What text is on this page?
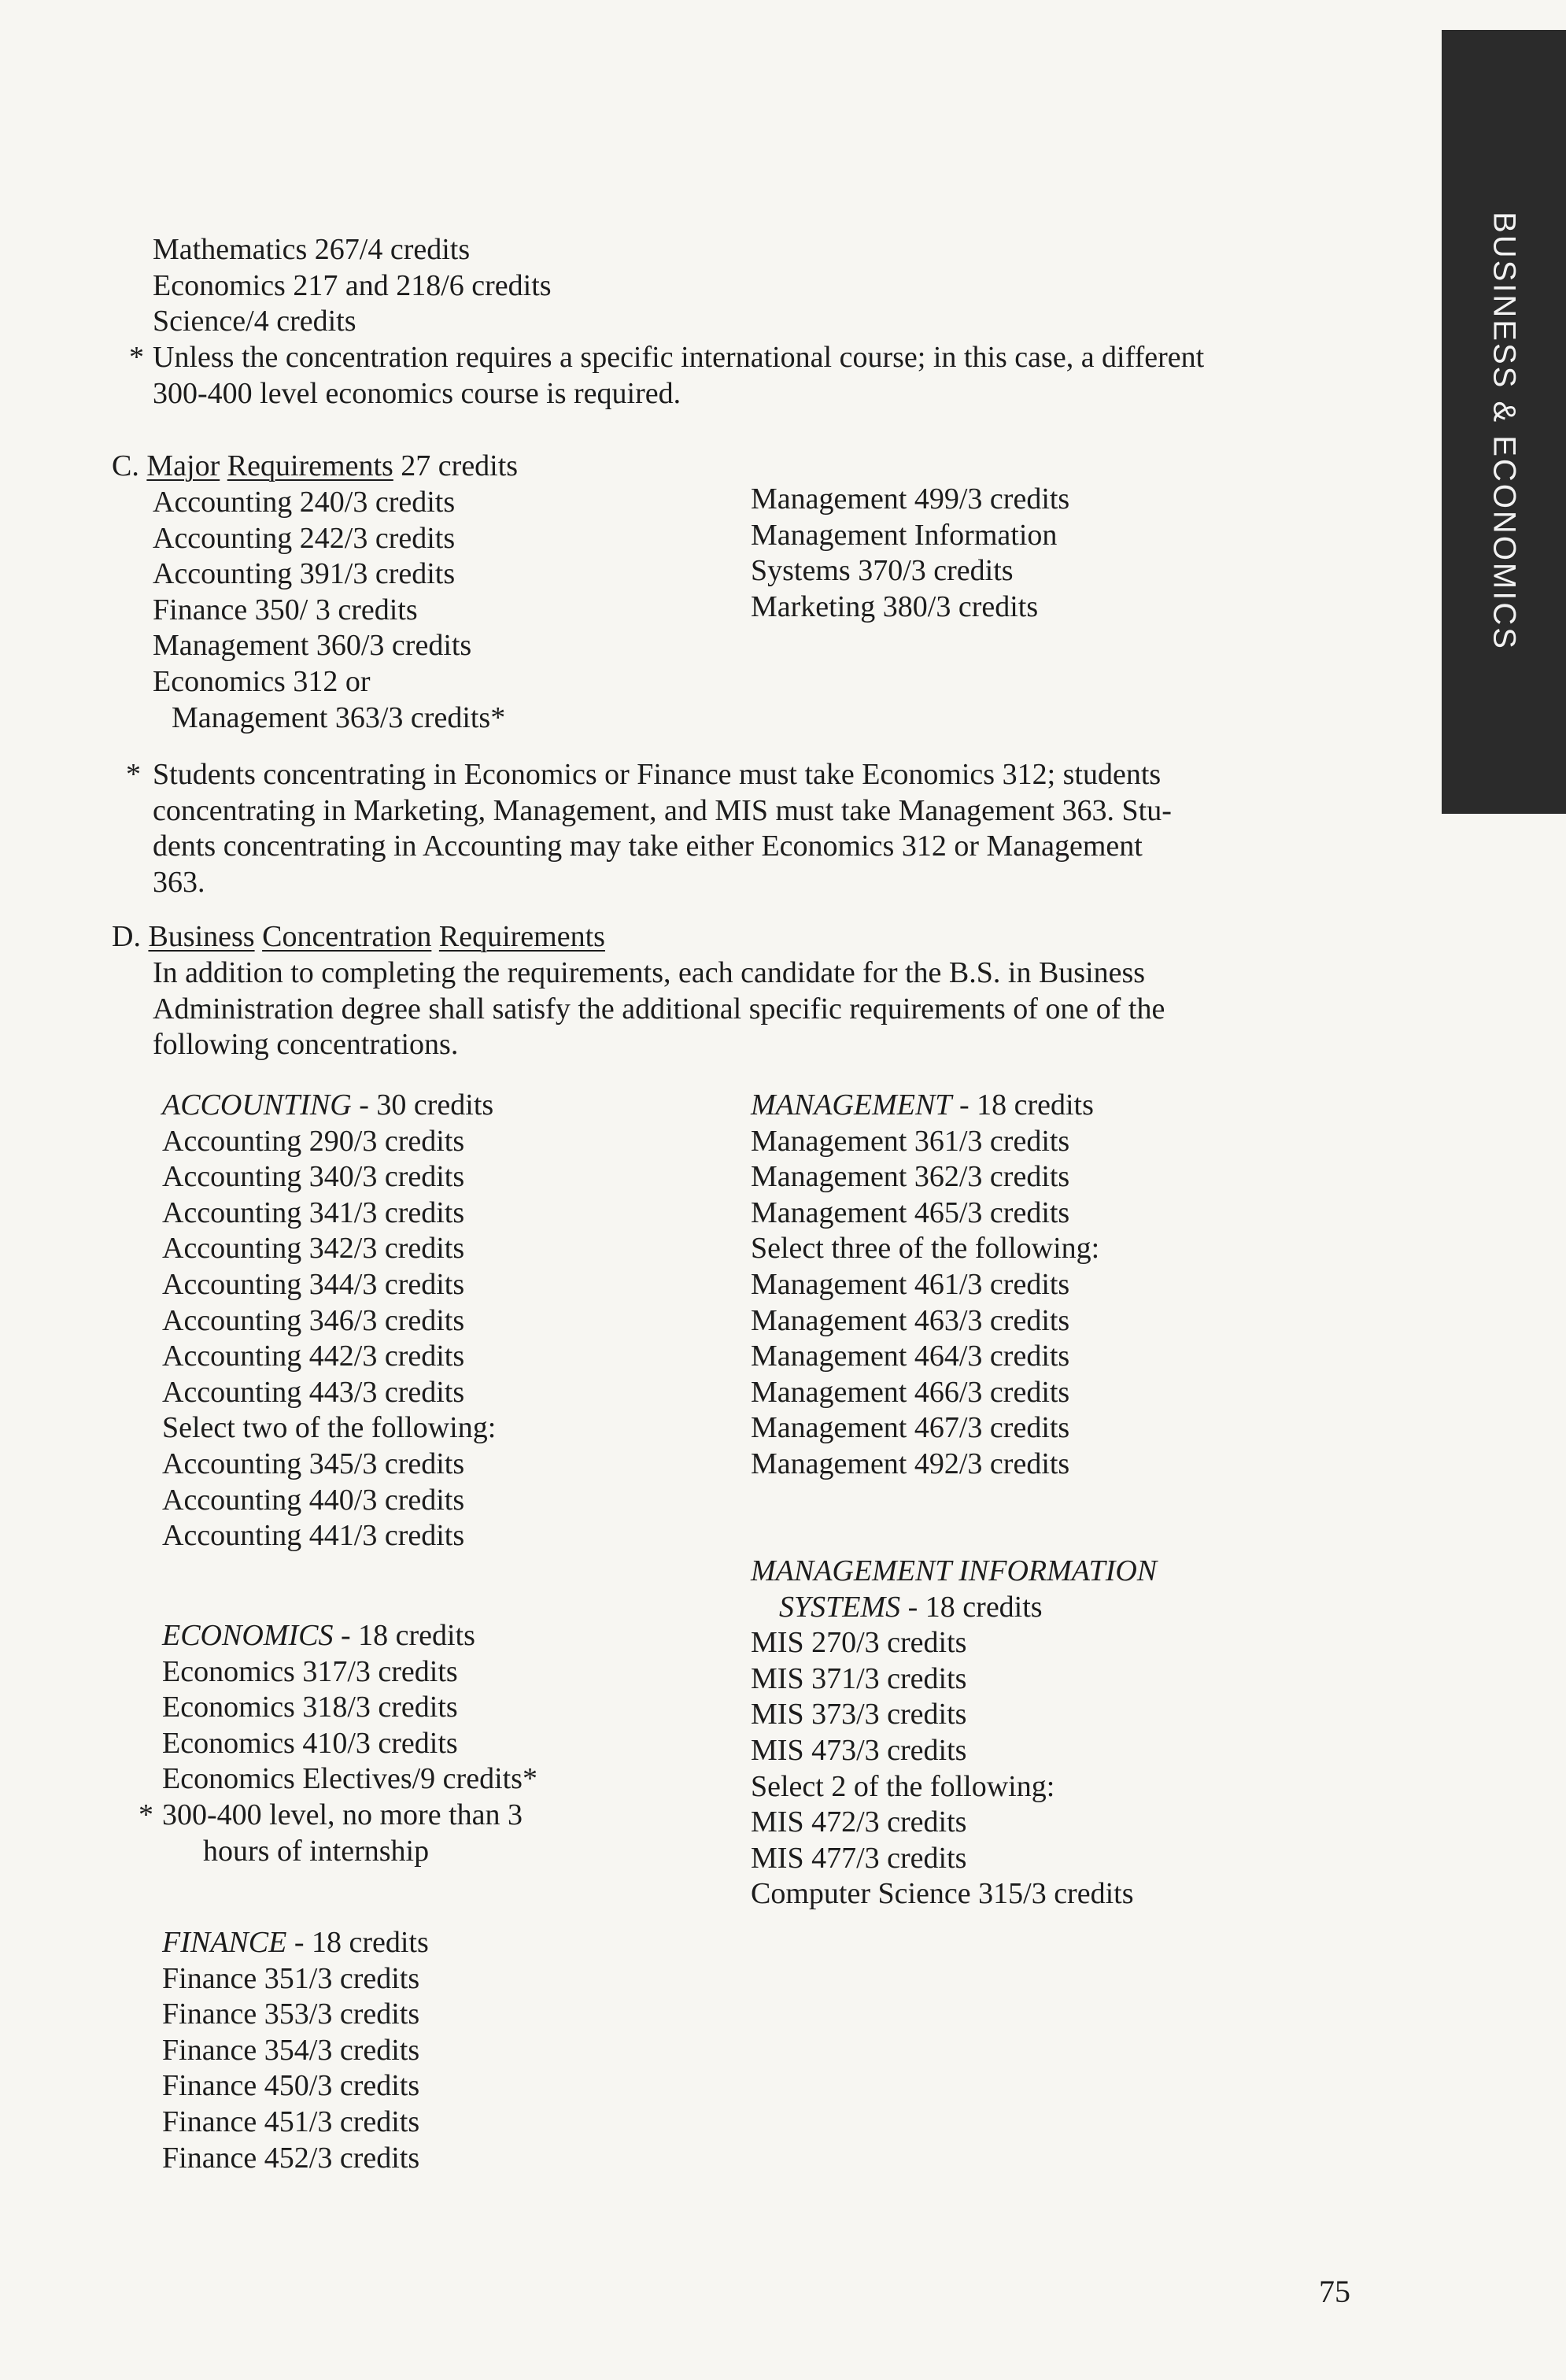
BUSINESS & ECONOMICS
Mathematics 267/4 credits
Economics 217 and 218/6 credits
Science/4 credits
* Unless the concentration requires a specific international course; in this case, a different
300-400 level economics course is required.
C. Major Requirements 27 credits
Accounting 240/3 credits
Accounting 242/3 credits
Accounting 391/3 credits
Finance 350/ 3 credits
Management 360/3 credits
Economics 312 or
Management 363/3 credits*
Management 499/3 credits
Management Information
Systems 370/3 credits
Marketing 380/3 credits
* Students concentrating in Economics or Finance must take Economics 312; students
concentrating in Marketing, Management, and MIS must take Management 363. Stu-
dents concentrating in Accounting may take either Economics 312 or Management
363.
D. Business Concentration Requirements
In addition to completing the requirements, each candidate for the B.S. in Business
Administration degree shall satisfy the additional specific requirements of one of the
following concentrations.
ACCOUNTING - 30 credits
Accounting 290/3 credits
Accounting 340/3 credits
Accounting 341/3 credits
Accounting 342/3 credits
Accounting 344/3 credits
Accounting 346/3 credits
Accounting 442/3 credits
Accounting 443/3 credits
Select two of the following:
Accounting 345/3 credits
Accounting 440/3 credits
Accounting 441/3 credits
ECONOMICS - 18 credits
Economics 317/3 credits
Economics 318/3 credits
Economics 410/3 credits
Economics Electives/9 credits*
* 300-400 level, no more than 3
hours of internship
FINANCE - 18 credits
Finance 351/3 credits
Finance 353/3 credits
Finance 354/3 credits
Finance 450/3 credits
Finance 451/3 credits
Finance 452/3 credits
MANAGEMENT - 18 credits
Management 361/3 credits
Management 362/3 credits
Management 465/3 credits
Select three of the following:
Management 461/3 credits
Management 463/3 credits
Management 464/3 credits
Management 466/3 credits
Management 467/3 credits
Management 492/3 credits
MANAGEMENT INFORMATION
SYSTEMS - 18 credits
MIS 270/3 credits
MIS 371/3 credits
MIS 373/3 credits
MIS 473/3 credits
Select 2 of the following:
MIS 472/3 credits
MIS 477/3 credits
Computer Science 315/3 credits
75
